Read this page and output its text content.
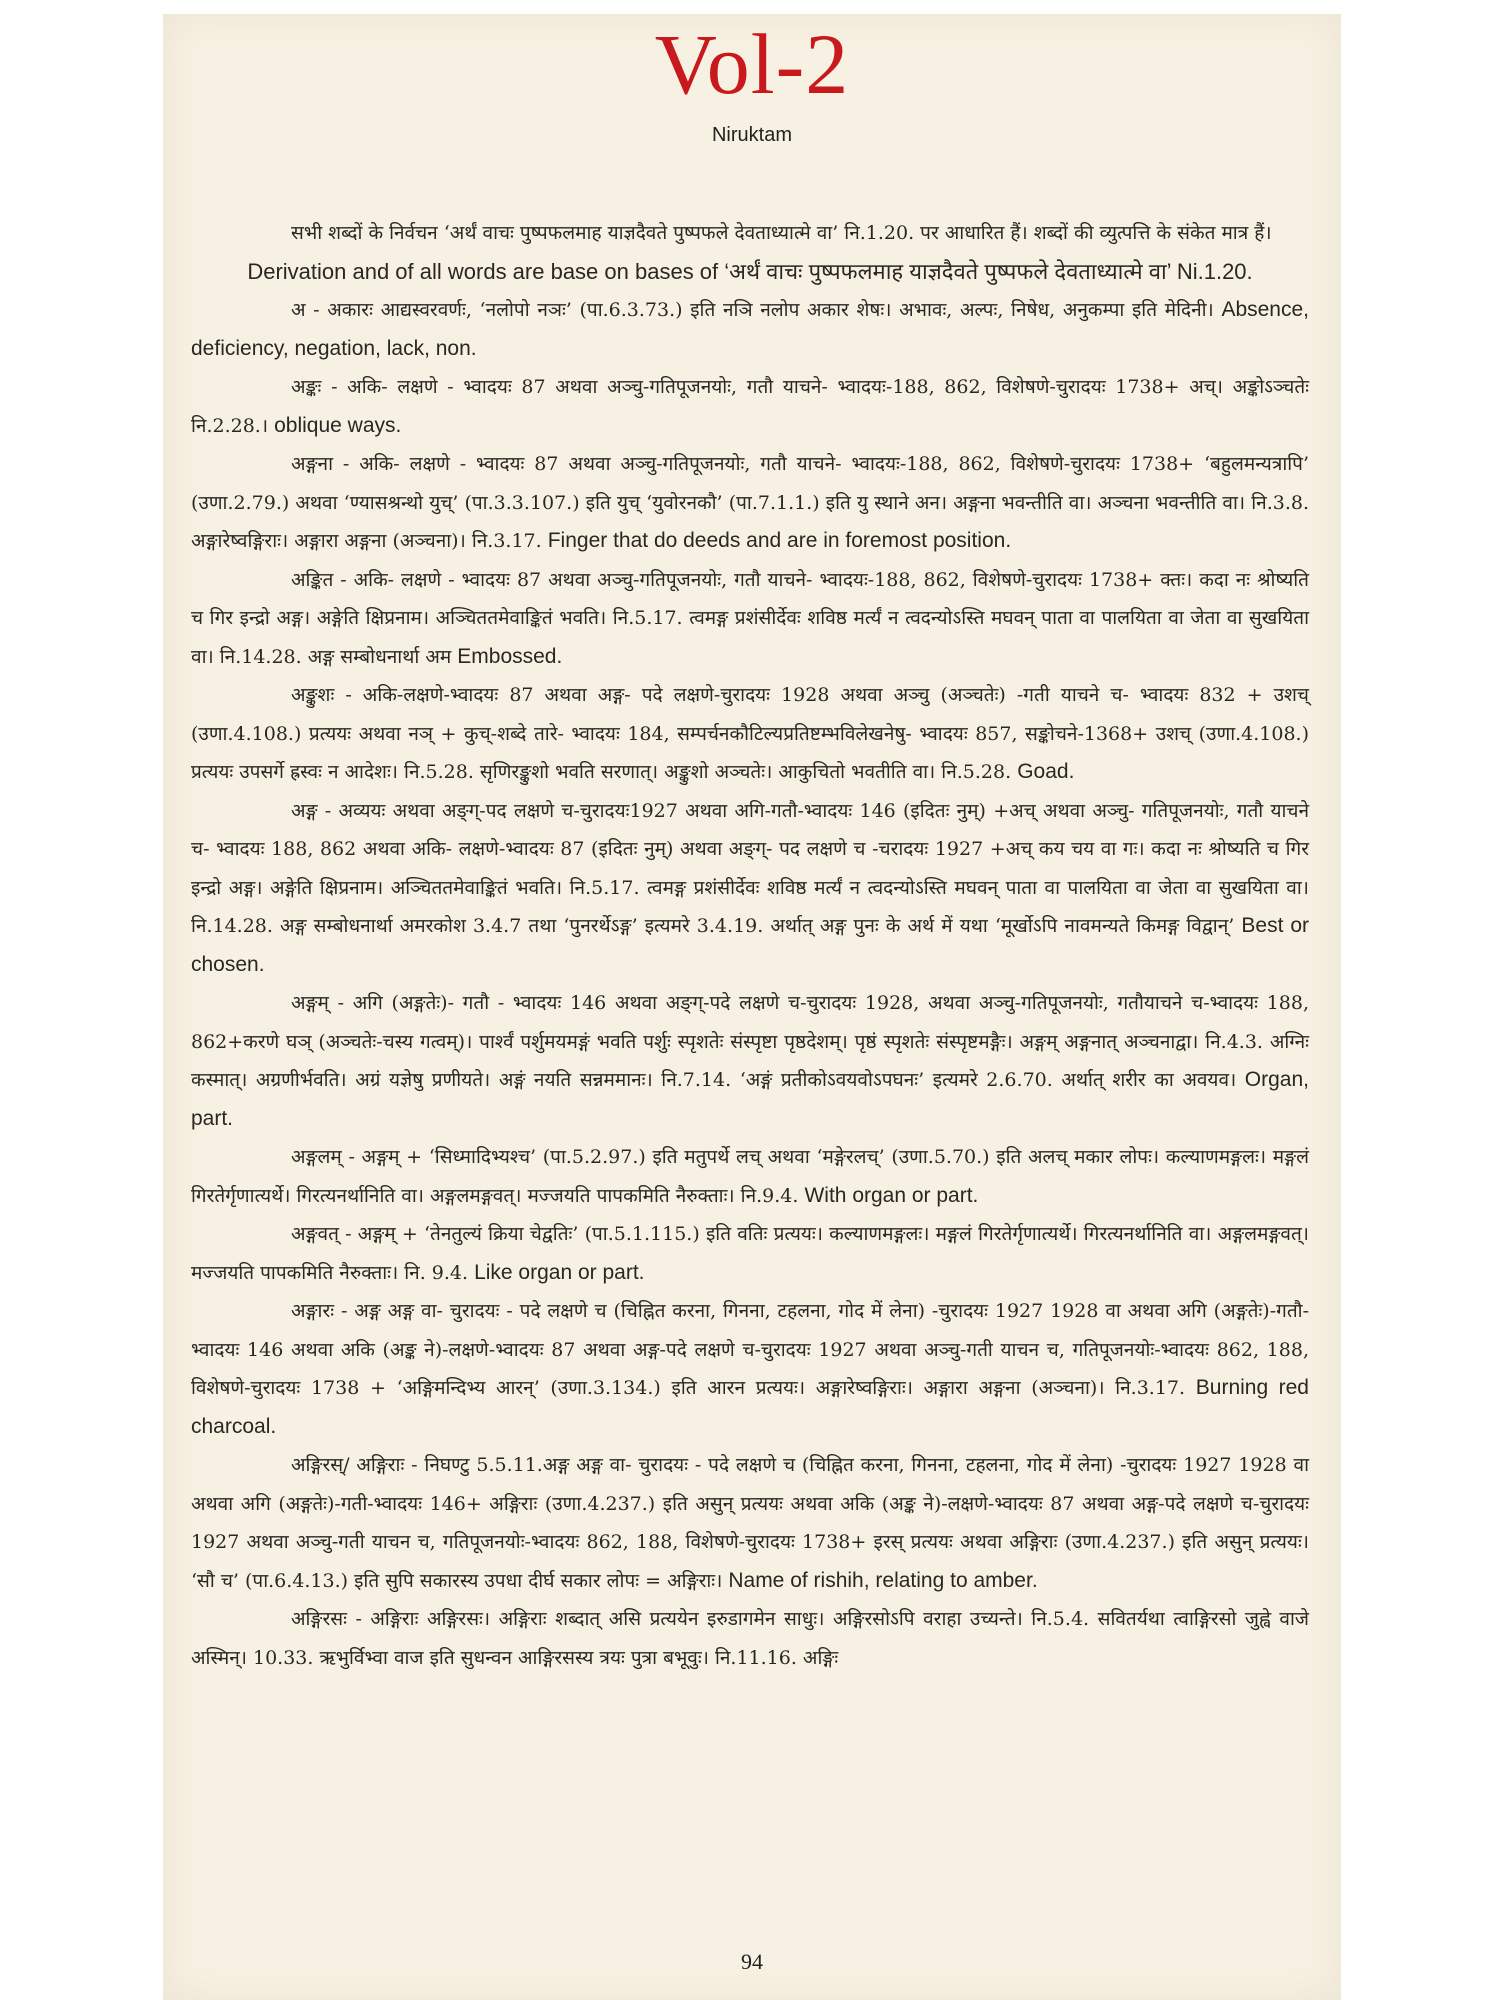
Vol-2
Niruktam

सभी शब्दों के निर्वचन ‘अर्थं वाचः पुष्पफलमाह याज्ञदैवते पुष्पफले देवताध्यात्मे वा’ नि.1.20. पर आधारित हैं। शब्दों की व्युत्पत्ति के संकेत मात्र हैं।

Derivation and of all words are base on bases of ‘अर्थं वाचः पुष्पफलमाह याज्ञदैवते पुष्पफले देवताध्यात्मे वा’ Ni.1.20.

अ - अकारः आद्यस्वरवर्णः, ‘नलोपो नञः’ (पा.6.3.73.) इति नञि नलोप अकार शेषः। अभावः, अल्पः, निषेध, अनुकम्पा इति मेदिनी। Absence, deficiency, negation, lack, non.

अङ्कः - अकि- लक्षणे - भ्वादयः 87 अथवा अञ्चु-गतिपूजनयोः, गतौ याचने- भ्वादयः-188, 862, विशेषणे-चुरादयः 1738+ अच्। अङ्कोऽञ्चतेः नि.2.28.। oblique ways.

अङ्गना - अकि- लक्षणे - भ्वादयः 87 अथवा अञ्चु-गतिपूजनयोः, गतौ याचने- भ्वादयः-188, 862, विशेषणे-चुरादयः 1738+ ‘बहुलमन्यत्रापि’ (उणा.2.79.) अथवा ‘ण्यासश्रन्थो युच्’ (पा.3.3.107.) इति युच् ‘युवोरनकौ’ (पा.7.1.1.) इति यु स्थाने अन। अङ्गना भवन्तीति वा। अञ्चना भवन्तीति वा। नि.3.8. अङ्गारेष्वङ्गिराः। अङ्गारा अङ्गना (अञ्चना)। नि.3.17. Finger that do deeds and are in foremost position.

अङ्कित - अकि- लक्षणे - भ्वादयः 87 अथवा अञ्चु-गतिपूजनयोः, गतौ याचने- भ्वादयः-188, 862, विशेषणे-चुरादयः 1738+ क्तः। कदा नः श्रोष्यति च गिर इन्द्रो अङ्ग। अङ्गेति क्षिप्रनाम। अञ्चिततमेवाङ्कितं भवति। नि.5.17. त्वमङ्ग प्रशंसीर्देवः शविष्ठ मर्त्यं न त्वदन्योऽस्ति मघवन् पाता वा पालयिता वा जेता वा सुखयिता वा। नि.14.28. अङ्ग सम्बोधनार्था अम Embossed.

अङ्कुशः - अकि-लक्षणे-भ्वादयः 87 अथवा अङ्ग- पदे लक्षणे-चुरादयः 1928 अथवा अञ्चु (अञ्चतेः) -गती याचने च- भ्वादयः 832 + उशच् (उणा.4.108.) प्रत्ययः अथवा नञ् + कुच्-शब्दे तारे- भ्वादयः 184, सम्पर्चनकौटिल्यप्रतिष्टम्भविलेखनेषु- भ्वादयः 857, सङ्कोचने-1368+ उशच् (उणा.4.108.) प्रत्ययः उपसर्गे ह्रस्वः न आदेशः। नि.5.28. सृणिरङ्कुशो भवति सरणात्। अङ्कुशो अञ्चतेः। आकुचितो भवतीति वा। नि.5.28. Goad.

अङ्ग - अव्ययः अथवा अङ्ग्-पद लक्षणे च-चुरादयः1927 अथवा अगि-गतौ-भ्वादयः 146 (इदितः नुम्) +अच् अथवा अञ्चु- गतिपूजनयोः, गतौ याचने च- भ्वादयः 188, 862 अथवा अकि- लक्षणे-भ्वादयः 87 (इदितः नुम्) अथवा अङ्ग्- पद लक्षणे च -चरादयः 1927 +अच् कय चय वा गः। कदा नः श्रोष्यति च गिर इन्द्रो अङ्ग। अङ्गेति क्षिप्रनाम। अञ्चिततमेवाङ्कितं भवति। नि.5.17. त्वमङ्ग प्रशंसीर्देवः शविष्ठ मर्त्यं न त्वदन्योऽस्ति मघवन् पाता वा पालयिता वा जेता वा सुखयिता वा। नि.14.28. अङ्ग सम्बोधनार्था अमरकोश 3.4.7 तथा ‘पुनरर्थेऽङ्ग’ इत्यमरे 3.4.19. अर्थात् अङ्ग पुनः के अर्थ में यथा ‘मूर्खोऽपि नावमन्यते किमङ्ग विद्वान्’ Best or chosen.

अङ्गम् - अगि (अङ्गतेः)- गतौ - भ्वादयः 146 अथवा अङ्ग्-पदे लक्षणे च-चुरादयः 1928, अथवा अञ्चु-गतिपूजनयोः, गतौयाचने च-भ्वादयः 188, 862+करणे घञ् (अञ्चतेः-चस्य गत्वम्)। पार्श्वं पर्शुमयमङ्गं भवति पर्शुः स्पृशतेः संस्पृष्टा पृष्ठदेशम्। पृष्ठं स्पृशतेः संस्पृष्टमङ्गैः। अङ्गम् अङ्गनात् अञ्चनाद्वा। नि.4.3. अग्निः कस्मात्। अग्रणीर्भवति। अग्रं यज्ञेषु प्रणीयते। अङ्गं नयति सन्नममानः। नि.7.14. ‘अङ्गं प्रतीकोऽवयवोऽपघनः’ इत्यमरे 2.6.70. अर्थात् शरीर का अवयव। Organ, part.

अङ्गलम् - अङ्गम् + ‘सिध्मादिभ्यश्च’ (पा.5.2.97.) इति मतुपर्थे लच् अथवा ‘मङ्गेरलच्’ (उणा.5.70.) इति अलच् मकार लोपः। कल्याणमङ्गलः। मङ्गलं गिरतेर्गृणात्यर्थे। गिरत्यनर्थानिति वा। अङ्गलमङ्गवत्। मज्जयति पापकमिति नैरुक्ताः। नि.9.4. With organ or part.

अङ्गवत् - अङ्गम् + ‘तेनतुल्यं क्रिया चेद्वतिः’ (पा.5.1.115.) इति वतिः प्रत्ययः। कल्याणमङ्गलः। मङ्गलं गिरतेर्गृणात्यर्थे। गिरत्यनर्थानिति वा। अङ्गलमङ्गवत्। मज्जयति पापकमिति नैरुक्ताः। नि. 9.4. Like organ or part.

अङ्गारः - अङ्ग अङ्ग वा- चुरादयः - पदे लक्षणे च (चिह्नित करना, गिनना, टहलना, गोद में लेना) -चुरादयः 1927 1928 वा अथवा अगि (अङ्गतेः)-गतौ-भ्वादयः 146 अथवा अकि (अङ्क ने)-लक्षणे-भ्वादयः 87 अथवा अङ्ग-पदे लक्षणे च-चुरादयः 1927 अथवा अञ्चु-गती याचन च, गतिपूजनयोः-भ्वादयः 862, 188, विशेषणे-चुरादयः 1738 + ‘अङ्गिमन्दिभ्य आरन्’ (उणा.3.134.) इति आरन प्रत्ययः। अङ्गारेष्वङ्गिराः। अङ्गारा अङ्गना (अञ्चना)। नि.3.17. Burning red charcoal.

अङ्गिरस्/ अङ्गिराः - निघण्टु 5.5.11.अङ्ग अङ्ग वा- चुरादयः - पदे लक्षणे च (चिह्नित करना, गिनना, टहलना, गोद में लेना) -चुरादयः 1927 1928 वा अथवा अगि (अङ्गतेः)-गती-भ्वादयः 146+ अङ्गिराः (उणा.4.237.) इति असुन् प्रत्ययः अथवा अकि (अङ्क ने)-लक्षणे-भ्वादयः 87 अथवा अङ्ग-पदे लक्षणे च-चुरादयः 1927 अथवा अञ्चु-गती याचन च, गतिपूजनयोः-भ्वादयः 862, 188, विशेषणे-चुरादयः 1738+ इरस् प्रत्ययः अथवा अङ्गिराः (उणा.4.237.) इति असुन् प्रत्ययः। ‘सौ च’ (पा.6.4.13.) इति सुपि सकारस्य उपधा दीर्घ सकार लोपः = अङ्गिराः। Name of rishih, relating to amber.

अङ्गिरसः - अङ्गिराः अङ्गिरसः। अङ्गिराः शब्दात् असि प्रत्ययेन इरुडागमेन साधुः। अङ्गिरसोऽपि वराहा उच्यन्ते। नि.5.4. सवितर्यथा त्वाङ्गिरसो जुह्वे वाजे अस्मिन्। 10.33. ऋभुर्विभ्वा वाज इति सुधन्वन आङ्गिरसस्य त्रयः पुत्रा बभूवुः। नि.11.16. अङ्गिः

94
